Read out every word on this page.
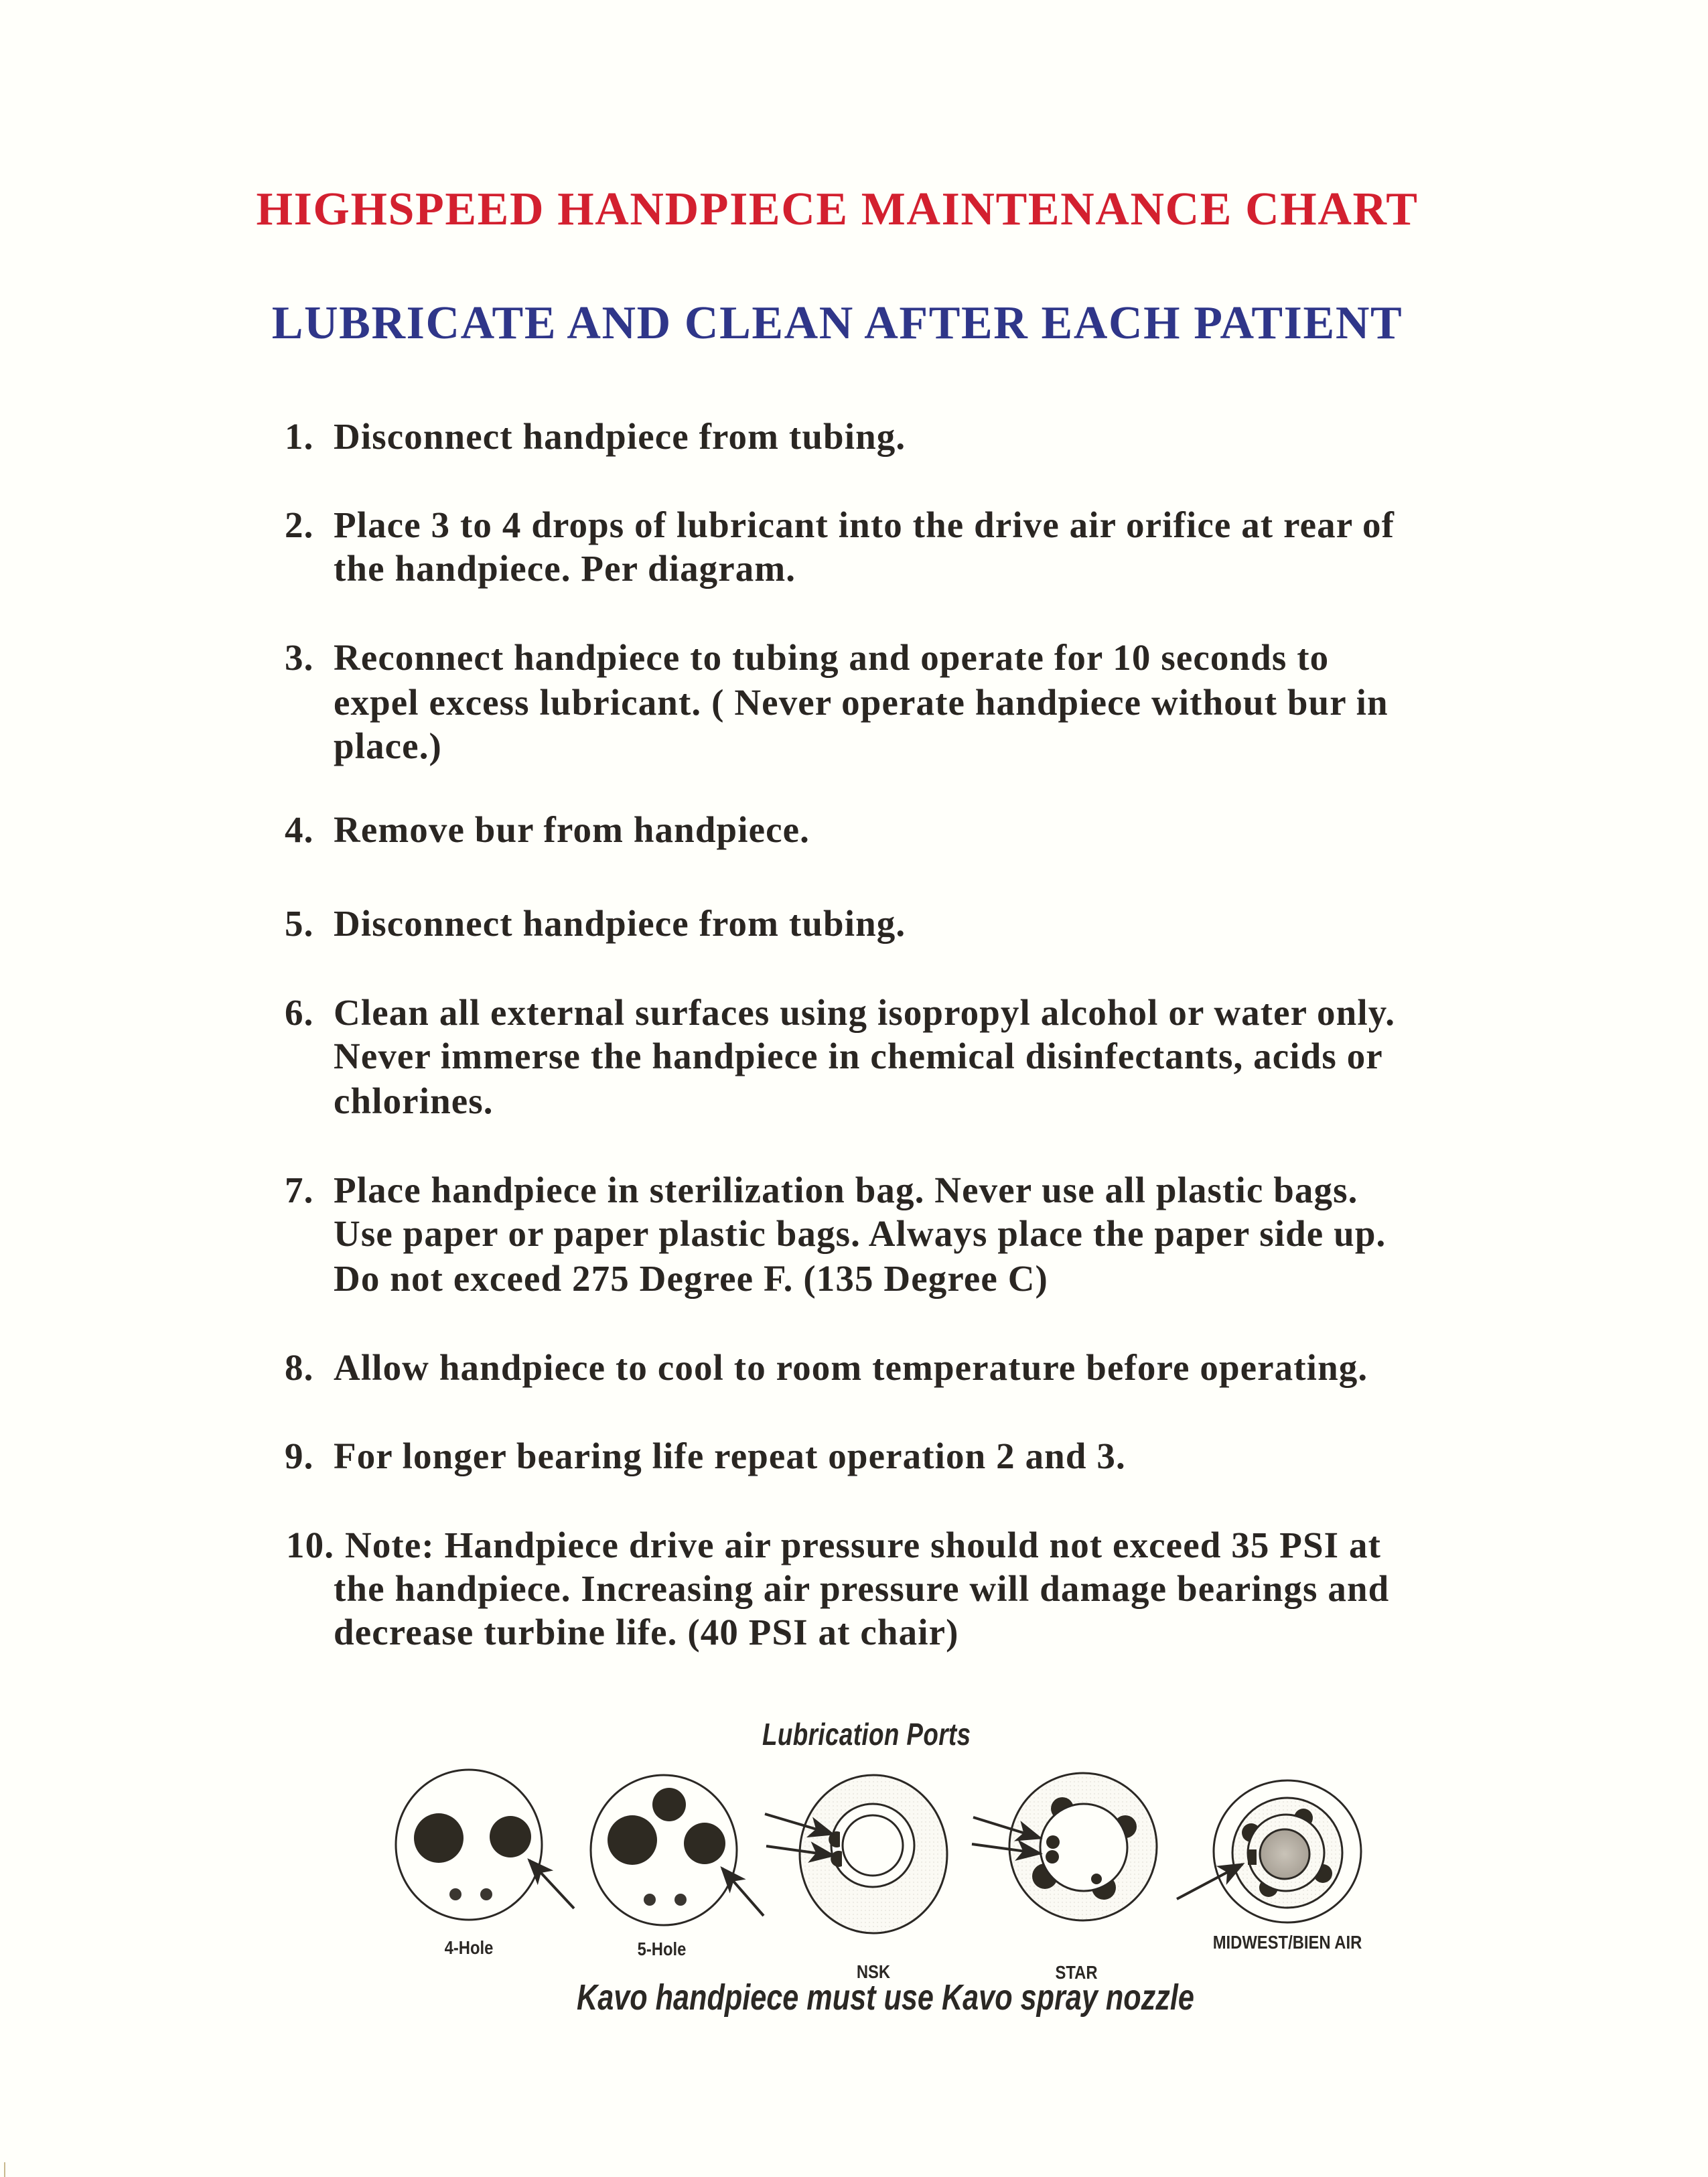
HIGHSPEED HANDPIECE MAINTENANCE CHART
LUBRICATE AND CLEAN AFTER EACH PATIENT
1. Disconnect handpiece from tubing.
2. Place 3 to 4 drops of lubricant into the drive air orifice at rear of
the handpiece. Per diagram.
3. Reconnect handpiece to tubing and operate for 10 seconds to
expel excess lubricant. ( Never operate handpiece without bur in
place.)
4. Remove bur from handpiece.
5. Disconnect handpiece from tubing.
6. Clean all external surfaces using isopropyl alcohol or water only.
Never immerse the handpiece in chemical disinfectants, acids or
chlorines.
7. Place handpiece in sterilization bag. Never use all plastic bags.
Use paper or paper plastic bags. Always place the paper side up.
Do not exceed 275 Degree F. (135 Degree C)
8. Allow handpiece to cool to room temperature before operating.
9. For longer bearing life repeat operation 2 and 3.
10. Note: Handpiece drive air pressure should not exceed 35 PSI at
the handpiece. Increasing air pressure will damage bearings and
decrease turbine life. (40 PSI at chair)
Lubrication Ports
4-Hole	5-Hole
NSK	STAR
MIDWEST/BIEN AIR
Kavo handpiece must use Kavo spray nozzle
